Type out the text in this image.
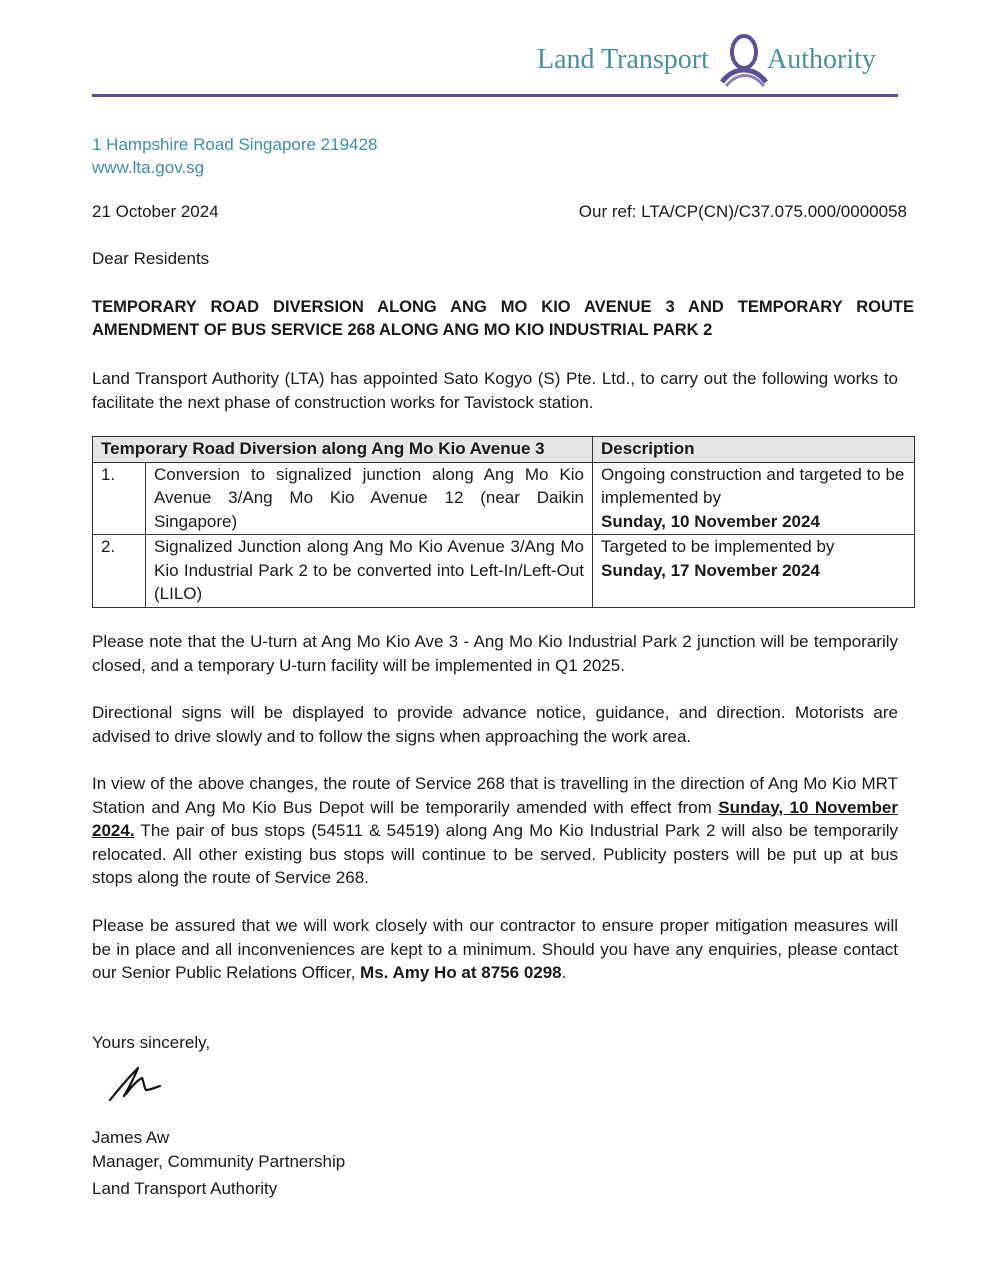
Land Transport Authority
1 Hampshire Road Singapore 219428
www.lta.gov.sg
21 October 2024	Our ref: LTA/CP(CN)/C37.075.000/0000058
Dear Residents
TEMPORARY ROAD DIVERSION ALONG ANG MO KIO AVENUE 3 AND TEMPORARY ROUTE AMENDMENT OF BUS SERVICE 268 ALONG ANG MO KIO INDUSTRIAL PARK 2
Land Transport Authority (LTA) has appointed Sato Kogyo (S) Pte. Ltd., to carry out the following works to facilitate the next phase of construction works for Tavistock station.
Temporary Road Diversion along Ang Mo Kio Avenue 3		Description
1.	Conversion to signalized junction along Ang Mo Kio Avenue 3/Ang Mo Kio Avenue 12 (near Daikin Singapore)	Ongoing construction and targeted to be implemented by
Sunday, 10 November 2024
2.	Signalized Junction along Ang Mo Kio Avenue 3/Ang Mo Kio Industrial Park 2 to be converted into Left-In/Left-Out (LILO)	Targeted to be implemented by
Sunday, 17 November 2024
Please note that the U-turn at Ang Mo Kio Ave 3 - Ang Mo Kio Industrial Park 2 junction will be temporarily closed, and a temporary U-turn facility will be implemented in Q1 2025.
Directional signs will be displayed to provide advance notice, guidance, and direction. Motorists are advised to drive slowly and to follow the signs when approaching the work area.
In view of the above changes, the route of Service 268 that is travelling in the direction of Ang Mo Kio MRT Station and Ang Mo Kio Bus Depot will be temporarily amended with effect from Sunday, 10 November 2024. The pair of bus stops (54511 & 54519) along Ang Mo Kio Industrial Park 2 will also be temporarily relocated. All other existing bus stops will continue to be served. Publicity posters will be put up at bus stops along the route of Service 268.
Please be assured that we will work closely with our contractor to ensure proper mitigation measures will be in place and all inconveniences are kept to a minimum. Should you have any enquiries, please contact our Senior Public Relations Officer, Ms. Amy Ho at 8756 0298.
Yours sincerely,
James Aw
Manager, Community Partnership
Land Transport Authority
